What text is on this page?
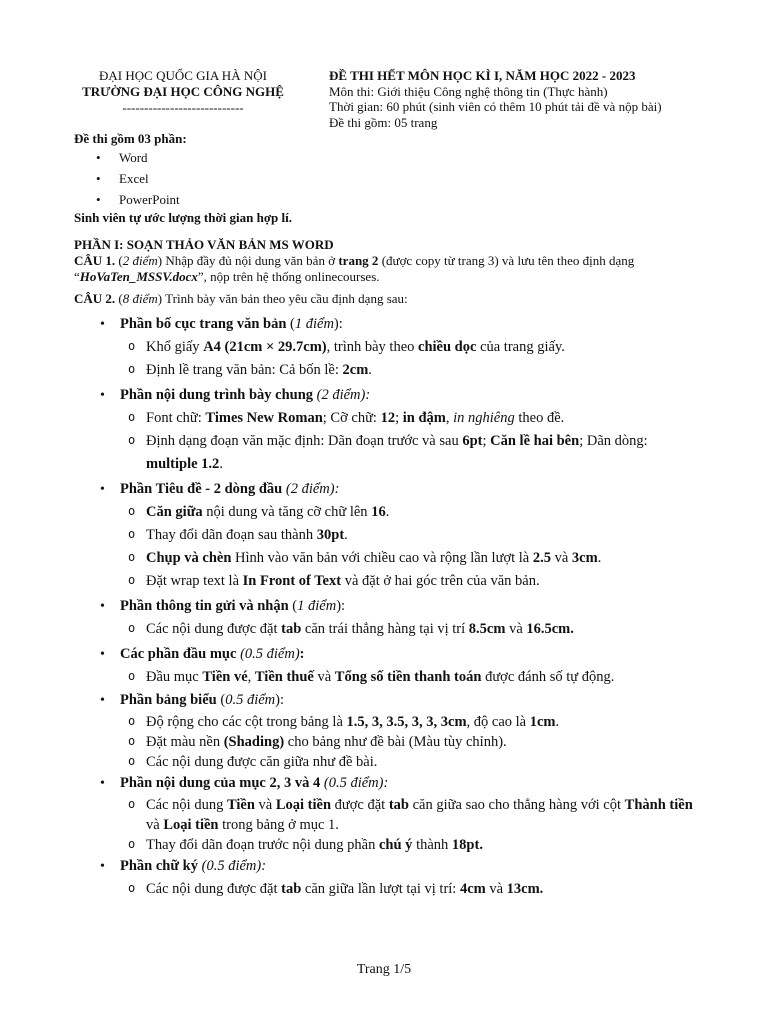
ĐẠI HỌC QUỐC GIA HÀ NỘI
TRƯỜNG ĐẠI HỌC CÔNG NGHỆ
----------------------------
ĐỀ THI HẾT MÔN HỌC KÌ I, NĂM HỌC 2022 - 2023
Môn thi: Giới thiệu Công nghệ thông tin (Thực hành)
Thời gian: 60 phút (sinh viên có thêm 10 phút tải đề và nộp bài)
Đề thi gồm: 05 trang
Đề thi gồm 03 phần:
• Word
• Excel
• PowerPoint
Sinh viên tự ước lượng thời gian hợp lí.
PHẦN I: SOẠN THẢO VĂN BẢN MS WORD
CÂU 1. (2 điểm) Nhập đầy đủ nội dung văn bản ở trang 2 (được copy từ trang 3) và lưu tên theo định dạng “HoVaTen_MSSV.docx”, nộp trên hệ thống onlinecourses.
CÂU 2. (8 điểm) Trình bày văn bản theo yêu cầu định dạng sau:
• Phần bố cục trang văn bản (1 điểm):
o Khổ giấy A4 (21cm × 29.7cm), trình bày theo chiều dọc của trang giấy.
o Định lề trang văn bản: Cả bốn lề: 2cm.
• Phần nội dung trình bày chung (2 điểm):
o Font chữ: Times New Roman; Cỡ chữ: 12; in đậm, in nghiêng theo đề.
o Định dạng đoạn văn mặc định: Dãn đoạn trước và sau 6pt; Căn lề hai bên; Dãn dòng: multiple 1.2.
• Phần Tiêu đề - 2 dòng đầu (2 điểm):
o Căn giữa nội dung và tăng cỡ chữ lên 16.
o Thay đổi dãn đoạn sau thành 30pt.
o Chụp và chèn Hình vào văn bản với chiều cao và rộng lần lượt là 2.5 và 3cm.
o Đặt wrap text là In Front of Text và đặt ở hai góc trên của văn bản.
• Phần thông tin gửi và nhận (1 điểm):
o Các nội dung được đặt tab căn trái thẳng hàng tại vị trí 8.5cm và 16.5cm.
• Các phần đầu mục (0.5 điểm):
o Đầu mục Tiền vé, Tiền thuế và Tổng số tiền thanh toán được đánh số tự động.
• Phần bảng biểu (0.5 điểm):
o Độ rộng cho các cột trong bảng là 1.5, 3, 3.5, 3, 3, 3cm, độ cao là 1cm.
o Đặt màu nền (Shading) cho bảng như đề bài (Màu tùy chỉnh).
o Các nội dung được căn giữa như đề bài.
• Phần nội dung của mục 2, 3 và 4 (0.5 điểm):
o Các nội dung Tiền và Loại tiền được đặt tab căn giữa sao cho thẳng hàng với cột Thành tiền và Loại tiền trong bảng ở mục 1.
o Thay đổi dãn đoạn trước nội dung phần chú ý thành 18pt.
• Phần chữ ký (0.5 điểm):
o Các nội dung được đặt tab căn giữa lần lượt tại vị trí: 4cm và 13cm.
Trang 1/5
